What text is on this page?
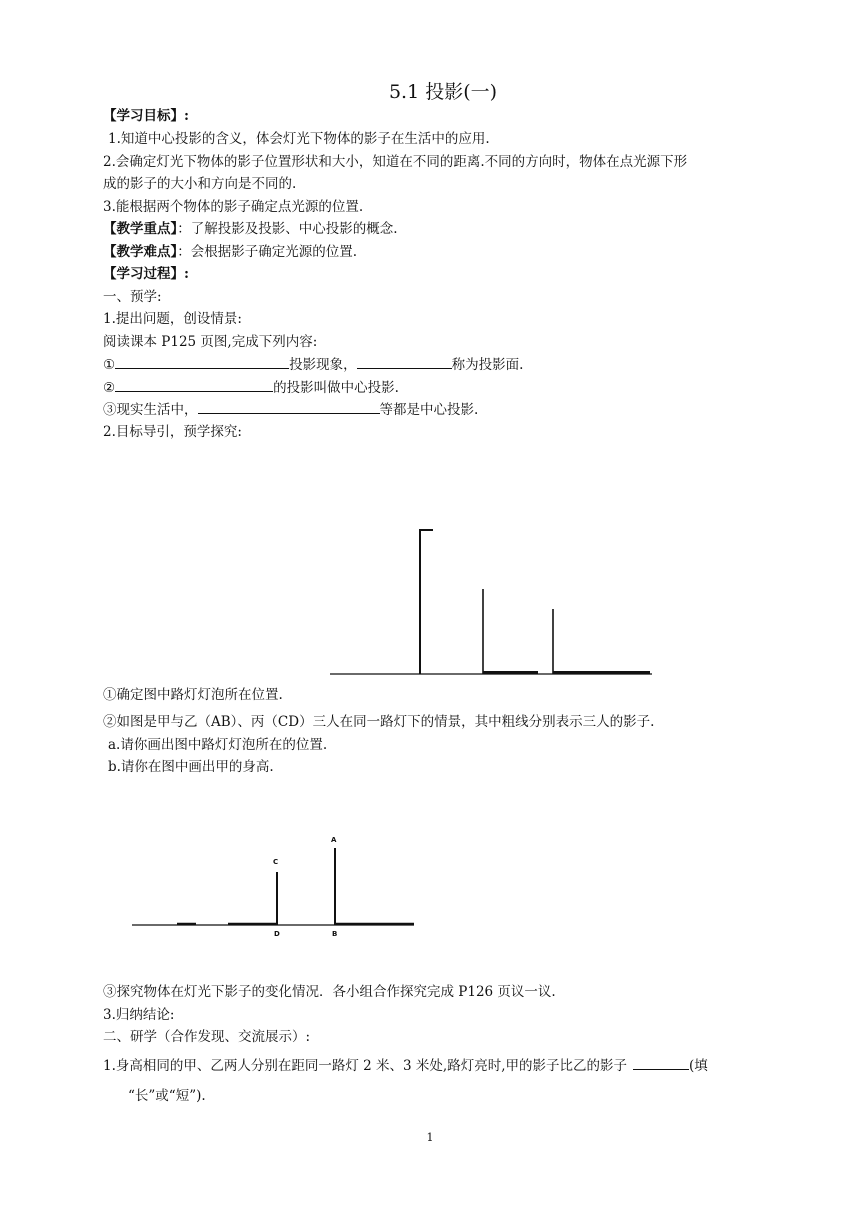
5.1 投影(一)
【学习目标】:
1.知道中心投影的含义，体会灯光下物体的影子在生活中的应用.
2.会确定灯光下物体的影子位置形状和大小，知道在不同的距离.不同的方向时，物体在点光源下形
成的影子的大小和方向是不同的.
3.能根据两个物体的影子确定点光源的位置.
【教学重点】：了解投影及投影、中心投影的概念.
【教学难点】：会根据影子确定光源的位置.
【学习过程】:
一、预学:
1.提出问题，创设情景:
阅读课本 P125 页图,完成下列内容:
①	投影现象，	称为投影面.
②	的投影叫做中心投影.
③现实生活中，	等都是中心投影.
2.目标导引，预学探究:
C
D
A
B
①确定图中路灯灯泡所在位置.
②如图是甲与乙（AB）、丙（CD）三人在同一路灯下的情景，其中粗线分别表示三人的影子.
a.请你画出图中路灯灯泡所在的位置.
b.请你在图中画出甲的身高.
③探究物体在灯光下影子的变化情况．各小组合作探究完成 P126 页议一议.
3.归纳结论:
二、研学（合作发现、交流展示）:
1.身高相同的甲、乙两人分别在距同一路灯 2 米、3 米处,路灯亮时,甲的影子比乙的影子	(填
“长”或“短”).
1
